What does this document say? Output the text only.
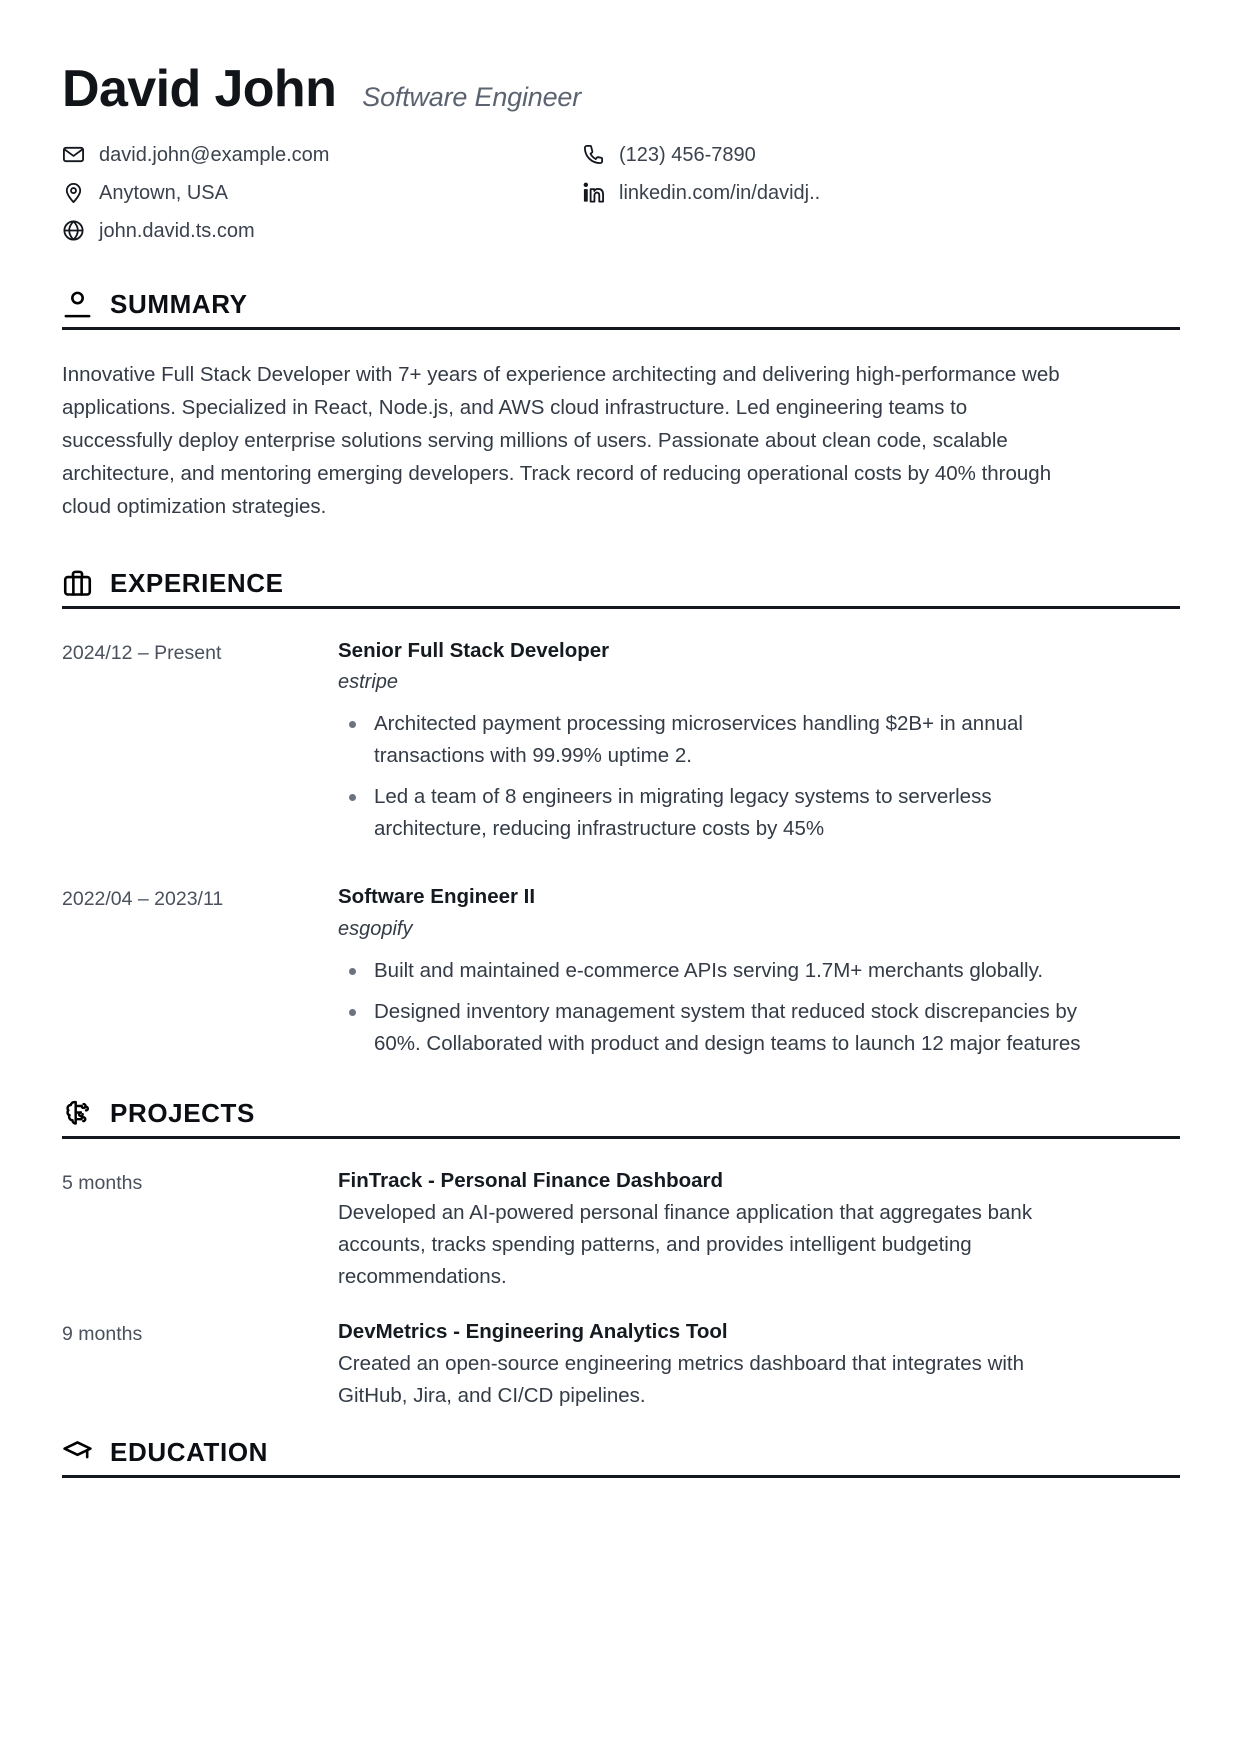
David John Software Engineer
david.john@example.com	(123) 456-7890
Anytown, USA	linkedin.com/in/davidj..
john.david.ts.com
SUMMARY

Innovative Full Stack Developer with 7+ years of experience architecting and delivering high-performance web applications. Specialized in React, Node.js, and AWS cloud infrastructure. Led engineering teams to successfully deploy enterprise solutions serving millions of users. Passionate about clean code, scalable architecture, and mentoring emerging developers. Track record of reducing operational costs by 40% through cloud optimization strategies.

EXPERIENCE
2024/12 – Present	Senior Full Stack Developer
estripe
Architected payment processing microservices handling $2B+ in annual transactions with 99.99% uptime 2.
Led a team of 8 engineers in migrating legacy systems to serverless architecture, reducing infrastructure costs by 45%
2022/04 – 2023/11	Software Engineer II
esgopify
Built and maintained e-commerce APIs serving 1.7M+ merchants globally.
Designed inventory management system that reduced stock discrepancies by 60%. Collaborated with product and design teams to launch 12 major features
PROJECTS
5 months	FinTrack - Personal Finance Dashboard
Developed an AI-powered personal finance application that aggregates bank accounts, tracks spending patterns, and provides intelligent budgeting recommendations.
9 months	DevMetrics - Engineering Analytics Tool
Created an open-source engineering metrics dashboard that integrates with GitHub, Jira, and CI/CD pipelines.
EDUCATION
